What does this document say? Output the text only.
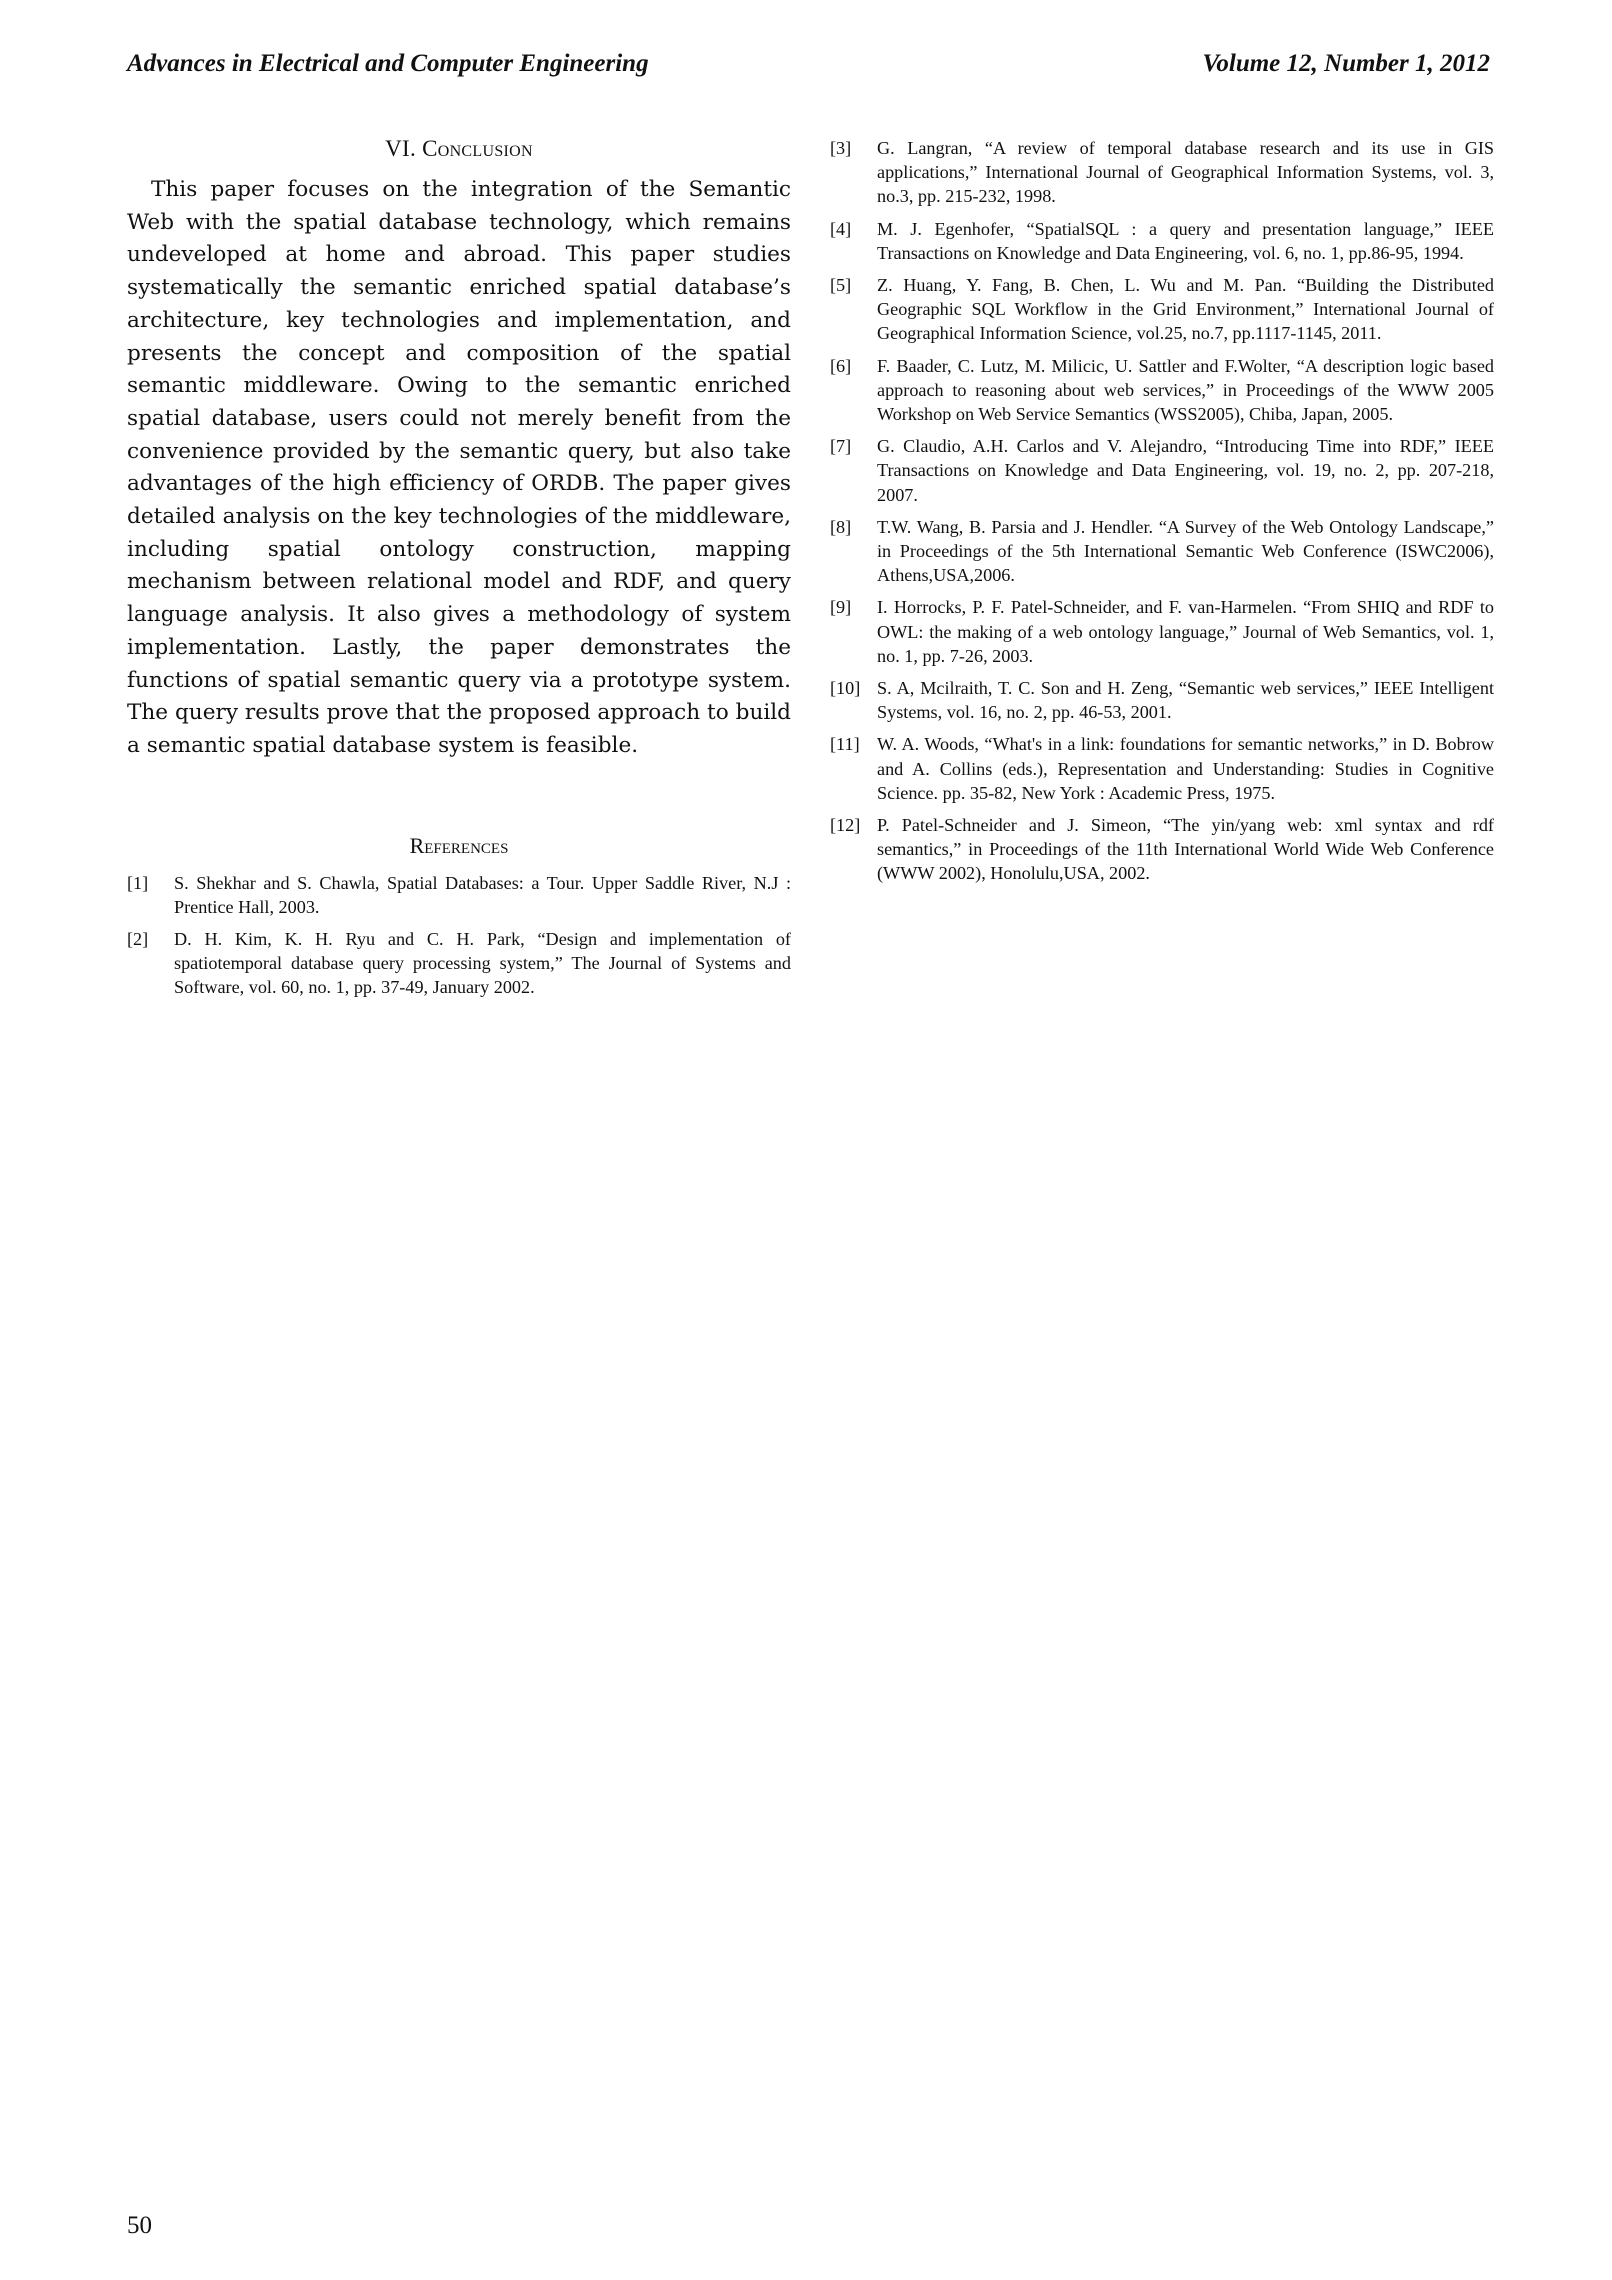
Advances in Electrical and Computer Engineering	Volume 12, Number 1, 2012
VI. Conclusion

This paper focuses on the integration of the Semantic Web with the spatial database technology, which remains undeveloped at home and abroad. This paper studies systematically the semantic enriched spatial database’s architecture, key technologies and implementation, and presents the concept and composition of the spatial semantic middleware. Owing to the semantic enriched spatial database, users could not merely benefit from the convenience provided by the semantic query, but also take advantages of the high efficiency of ORDB. The paper gives detailed analysis on the key technologies of the middleware, including spatial ontology construction, mapping mechanism between relational model and RDF, and query language analysis. It also gives a methodology of system implementation. Lastly, the paper demonstrates the functions of spatial semantic query via a prototype system. The query results prove that the proposed approach to build a semantic spatial database system is feasible.

References
[1]	S. Shekhar and S. Chawla, Spatial Databases: a Tour. Upper Saddle River, N.J : Prentice Hall, 2003.
[2]	D. H. Kim, K. H. Ryu and C. H. Park, “Design and implementation of spatiotemporal database query processing system,” The Journal of Systems and Software, vol. 60, no. 1, pp. 37-49, January 2002.
[3]	G. Langran, “A review of temporal database research and its use in GIS applications,” International Journal of Geographical Information Systems, vol. 3, no.3, pp. 215-232, 1998.
[4]	M. J. Egenhofer, “SpatialSQL : a query and presentation language,” IEEE Transactions on Knowledge and Data Engineering, vol. 6, no. 1, pp.86-95, 1994.
[5]	Z. Huang, Y. Fang, B. Chen, L. Wu and M. Pan. “Building the Distributed Geographic SQL Workflow in the Grid Environment,” International Journal of Geographical Information Science, vol.25, no.7, pp.1117-1145, 2011.
[6]	F. Baader, C. Lutz, M. Milicic, U. Sattler and F.Wolter, “A description logic based approach to reasoning about web services,” in Proceedings of the WWW 2005 Workshop on Web Service Semantics (WSS2005), Chiba, Japan, 2005.
[7]	G. Claudio, A.H. Carlos and V. Alejandro, “Introducing Time into RDF,” IEEE Transactions on Knowledge and Data Engineering, vol. 19, no. 2, pp. 207-218, 2007.
[8]	T.W. Wang, B. Parsia and J. Hendler. “A Survey of the Web Ontology Landscape,” in Proceedings of the 5th International Semantic Web Conference (ISWC2006), Athens,USA,2006.
[9]	I. Horrocks, P. F. Patel-Schneider, and F. van-Harmelen. “From SHIQ and RDF to OWL: the making of a web ontology language,” Journal of Web Semantics, vol. 1, no. 1, pp. 7-26, 2003.
[10] S. A, Mcilraith, T. C. Son and H. Zeng, “Semantic web services,” IEEE Intelligent Systems, vol. 16, no. 2, pp. 46-53, 2001.
[11] W. A. Woods, “What's in a link: foundations for semantic networks,” in D. Bobrow and A. Collins (eds.), Representation and Understanding: Studies in Cognitive Science. pp. 35-82, New York : Academic Press, 1975.
[12] P. Patel-Schneider and J. Simeon, “The yin/yang web: xml syntax and rdf semantics,” in Proceedings of the 11th International World Wide Web Conference (WWW 2002), Honolulu,USA, 2002.
50
